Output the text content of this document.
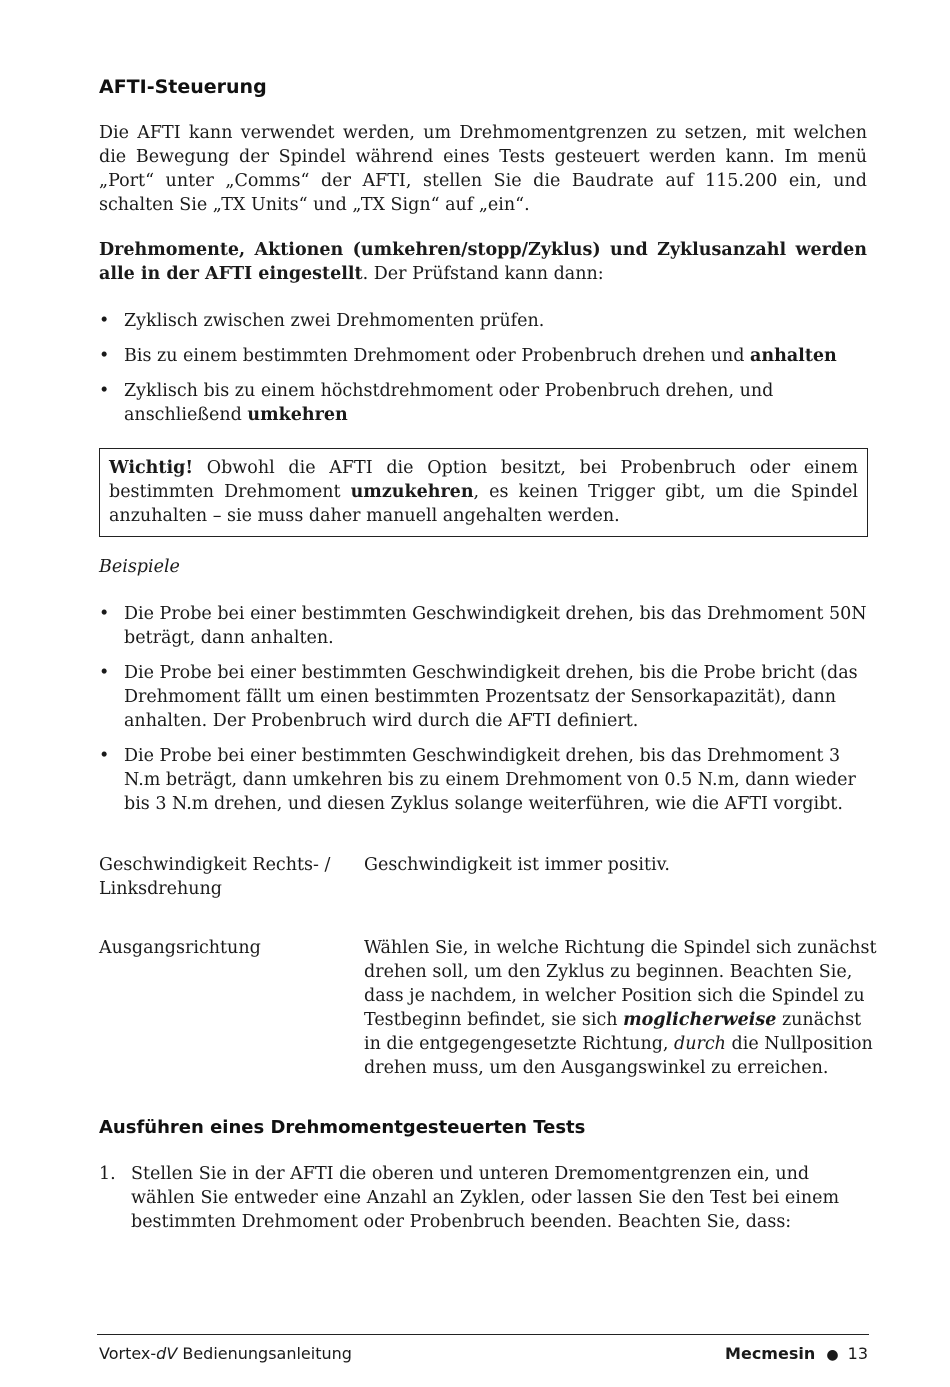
AFTI-Steuerung
Die AFTI kann verwendet werden, um Drehmomentgrenzen zu setzen, mit welchen die Bewegung der Spindel während eines Tests gesteuert werden kann. Im menü „Port“ unter „Comms“ der AFTI, stellen Sie die Baudrate auf 115.200 ein, und schalten Sie „TX Units“ und „TX Sign“ auf „ein“.
Drehmomente, Aktionen (umkehren/stopp/Zyklus) und Zyklusanzahl werden alle in der AFTI eingestellt. Der Prüfstand kann dann:
• Zyklisch zwischen zwei Drehmomenten prüfen.
• Bis zu einem bestimmten Drehmoment oder Probenbruch drehen und anhalten
• Zyklisch bis zu einem höchstdrehmoment oder Probenbruch drehen, und anschließend umkehren
Wichtig! Obwohl die AFTI die Option besitzt, bei Probenbruch oder einem bestimmten Drehmoment umzukehren, es keinen Trigger gibt, um die Spindel anzuhalten – sie muss daher manuell angehalten werden.
Beispiele
• Die Probe bei einer bestimmten Geschwindigkeit drehen, bis das Drehmoment 50N beträgt, dann anhalten.
• Die Probe bei einer bestimmten Geschwindigkeit drehen, bis die Probe bricht (das Drehmoment fällt um einen bestimmten Prozentsatz der Sensorkapazität), dann anhalten. Der Probenbruch wird durch die AFTI definiert.
• Die Probe bei einer bestimmten Geschwindigkeit drehen, bis das Drehmoment 3 N.m beträgt, dann umkehren bis zu einem Drehmoment von 0.5 N.m, dann wieder bis 3 N.m drehen, und diesen Zyklus solange weiterführen, wie die AFTI vorgibt.
Geschwindigkeit Rechts- / Linksdrehung
Geschwindigkeit ist immer positiv.
Ausgangsrichtung	Wählen Sie, in welche Richtung die Spindel sich zunächst drehen soll, um den Zyklus zu beginnen. Beachten Sie, dass je nachdem, in welcher Position sich die Spindel zu Testbeginn befindet, sie sich moglicherweise zunächst in die entgegengesetzte Richtung, durch die Nullposition drehen muss, um den Ausgangswinkel zu erreichen.
Ausführen eines Drehmomentgesteuerten Tests
1. Stellen Sie in der AFTI die oberen und unteren Dremomentgrenzen ein, und wählen Sie entweder eine Anzahl an Zyklen, oder lassen Sie den Test bei einem bestimmten Drehmoment oder Probenbruch beenden. Beachten Sie, dass:
Vortex-dV Bedienungsanleitung	Mecmesin ● 13
